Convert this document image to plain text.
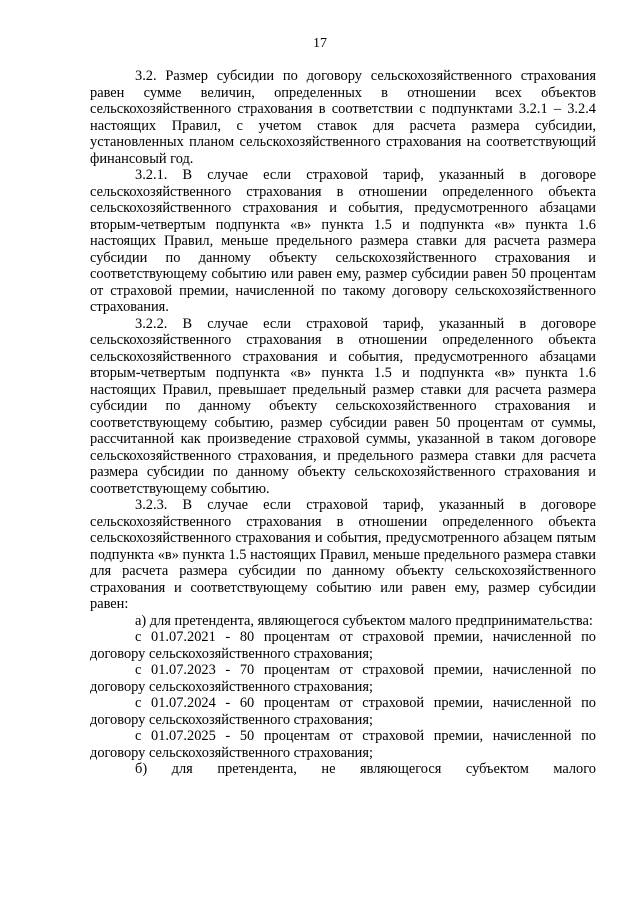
17

3.2. Размер субсидии по договору сельскохозяйственного страхования равен сумме величин, определенных в отношении всех объектов сельскохозяйственного страхования в соответствии с подпунктами 3.2.1 – 3.2.4 настоящих Правил, с учетом ставок для расчета размера субсидии, установленных планом сельскохозяйственного страхования на соответствующий финансовый год.

3.2.1. В случае если страховой тариф, указанный в договоре сельскохозяйственного страхования в отношении определенного объекта сельскохозяйственного страхования и события, предусмотренного абзацами вторым-четвертым подпункта «в» пункта 1.5 и подпункта «в» пункта 1.6 настоящих Правил, меньше предельного размера ставки для расчета размера субсидии по данному объекту сельскохозяйственного страхования и соответствующему событию или равен ему, размер субсидии равен 50 процентам от страховой премии, начисленной по такому договору сельскохозяйственного страхования.

3.2.2. В случае если страховой тариф, указанный в договоре сельскохозяйственного страхования в отношении определенного объекта сельскохозяйственного страхования и события, предусмотренного абзацами вторым-четвертым подпункта «в» пункта 1.5 и подпункта «в» пункта 1.6 настоящих Правил, превышает предельный размер ставки для расчета размера субсидии по данному объекту сельскохозяйственного страхования и соответствующему событию, размер субсидии равен 50 процентам от суммы, рассчитанной как произведение страховой суммы, указанной в таком договоре сельскохозяйственного страхования, и предельного размера ставки для расчета размера субсидии по данному объекту сельскохозяйственного страхования и соответствующему событию.

3.2.3. В случае если страховой тариф, указанный в договоре сельскохозяйственного страхования в отношении определенного объекта сельскохозяйственного страхования и события, предусмотренного абзацем пятым подпункта «в» пункта 1.5 настоящих Правил, меньше предельного размера ставки для расчета размера субсидии по данному объекту сельскохозяйственного страхования и соответствующему событию или равен ему, размер субсидии равен:

а) для претендента, являющегося субъектом малого предпринимательства:

с 01.07.2021 - 80 процентам от страховой премии, начисленной по договору сельскохозяйственного страхования;

с 01.07.2023 - 70 процентам от страховой премии, начисленной по договору сельскохозяйственного страхования;

с 01.07.2024 - 60 процентам от страховой премии, начисленной по договору сельскохозяйственного страхования;

с 01.07.2025 - 50 процентам от страховой премии, начисленной по договору сельскохозяйственного страхования;

б) для претендента, не являющегося субъектом малого
